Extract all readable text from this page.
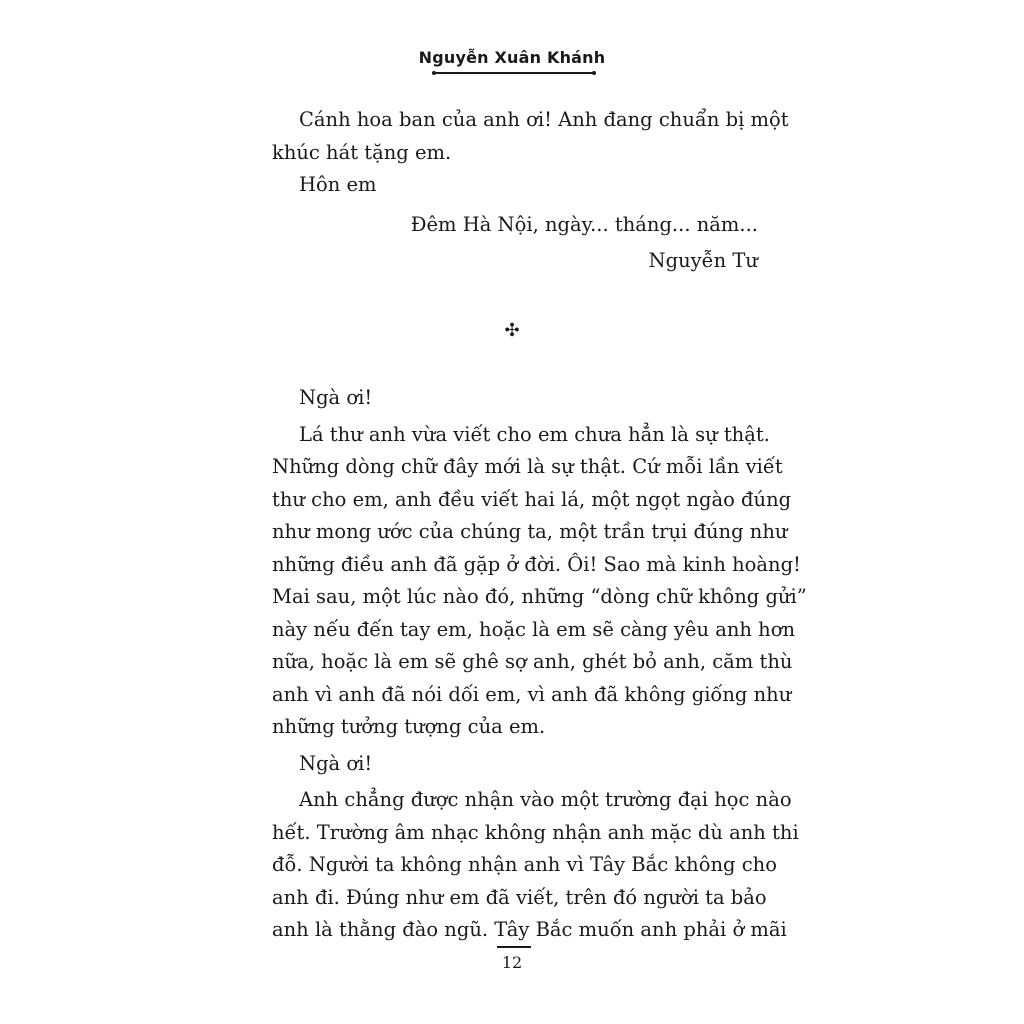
Nguyễn Xuân Khánh

Cánh hoa ban của anh ơi! Anh đang chuẩn bị một
khúc hát tặng em.

Hôn em

Đêm Hà Nội, ngày... tháng... năm...

Nguyễn Tư

✣

Ngà ơi!

Lá thư anh vừa viết cho em chưa hẳn là sự thật.
Những dòng chữ đây mới là sự thật. Cứ mỗi lần viết
thư cho em, anh đều viết hai lá, một ngọt ngào đúng
như mong ước của chúng ta, một trần trụi đúng như
những điều anh đã gặp ở đời. Ôi! Sao mà kinh hoàng!
Mai sau, một lúc nào đó, những “dòng chữ không gửi”
này nếu đến tay em, hoặc là em sẽ càng yêu anh hơn
nữa, hoặc là em sẽ ghê sợ anh, ghét bỏ anh, căm thù
anh vì anh đã nói dối em, vì anh đã không giống như
những tưởng tượng của em.

Ngà ơi!

Anh chẳng được nhận vào một trường đại học nào
hết. Trường âm nhạc không nhận anh mặc dù anh thi
đỗ. Người ta không nhận anh vì Tây Bắc không cho
anh đi. Đúng như em đã viết, trên đó người ta bảo
anh là thằng đào ngũ. Tây Bắc muốn anh phải ở mãi

12
